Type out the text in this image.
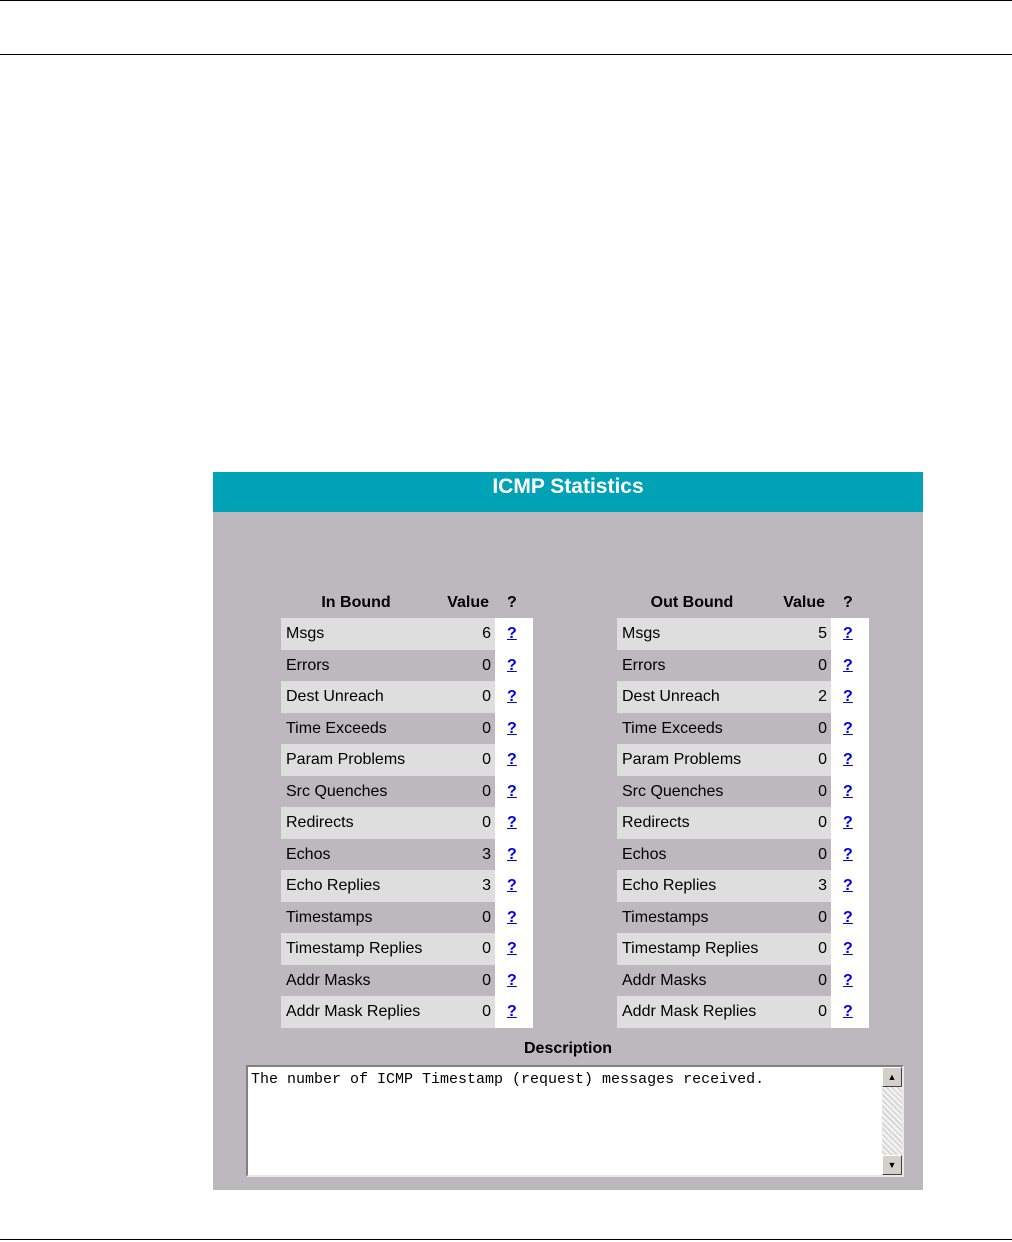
ICMP Statistics
In Bound	Value	?
Msgs	6	?
Errors	0	?
Dest Unreach	0	?
Time Exceeds	0	?
Param Problems	0	?
Src Quenches	0	?
Redirects	0	?
Echos	3	?
Echo Replies	3	?
Timestamps	0	?
Timestamp Replies	0	?
Addr Masks	0	?
Addr Mask Replies	0	?
Out Bound	Value	?
Msgs	5	?
Errors	0	?
Dest Unreach	2	?
Time Exceeds	0	?
Param Problems	0	?
Src Quenches	0	?
Redirects	0	?
Echos	0	?
Echo Replies	3	?
Timestamps	0	?
Timestamp Replies	0	?
Addr Masks	0	?
Addr Mask Replies	0	?
Description
The number of ICMP Timestamp (request) messages received.	▲
▼
